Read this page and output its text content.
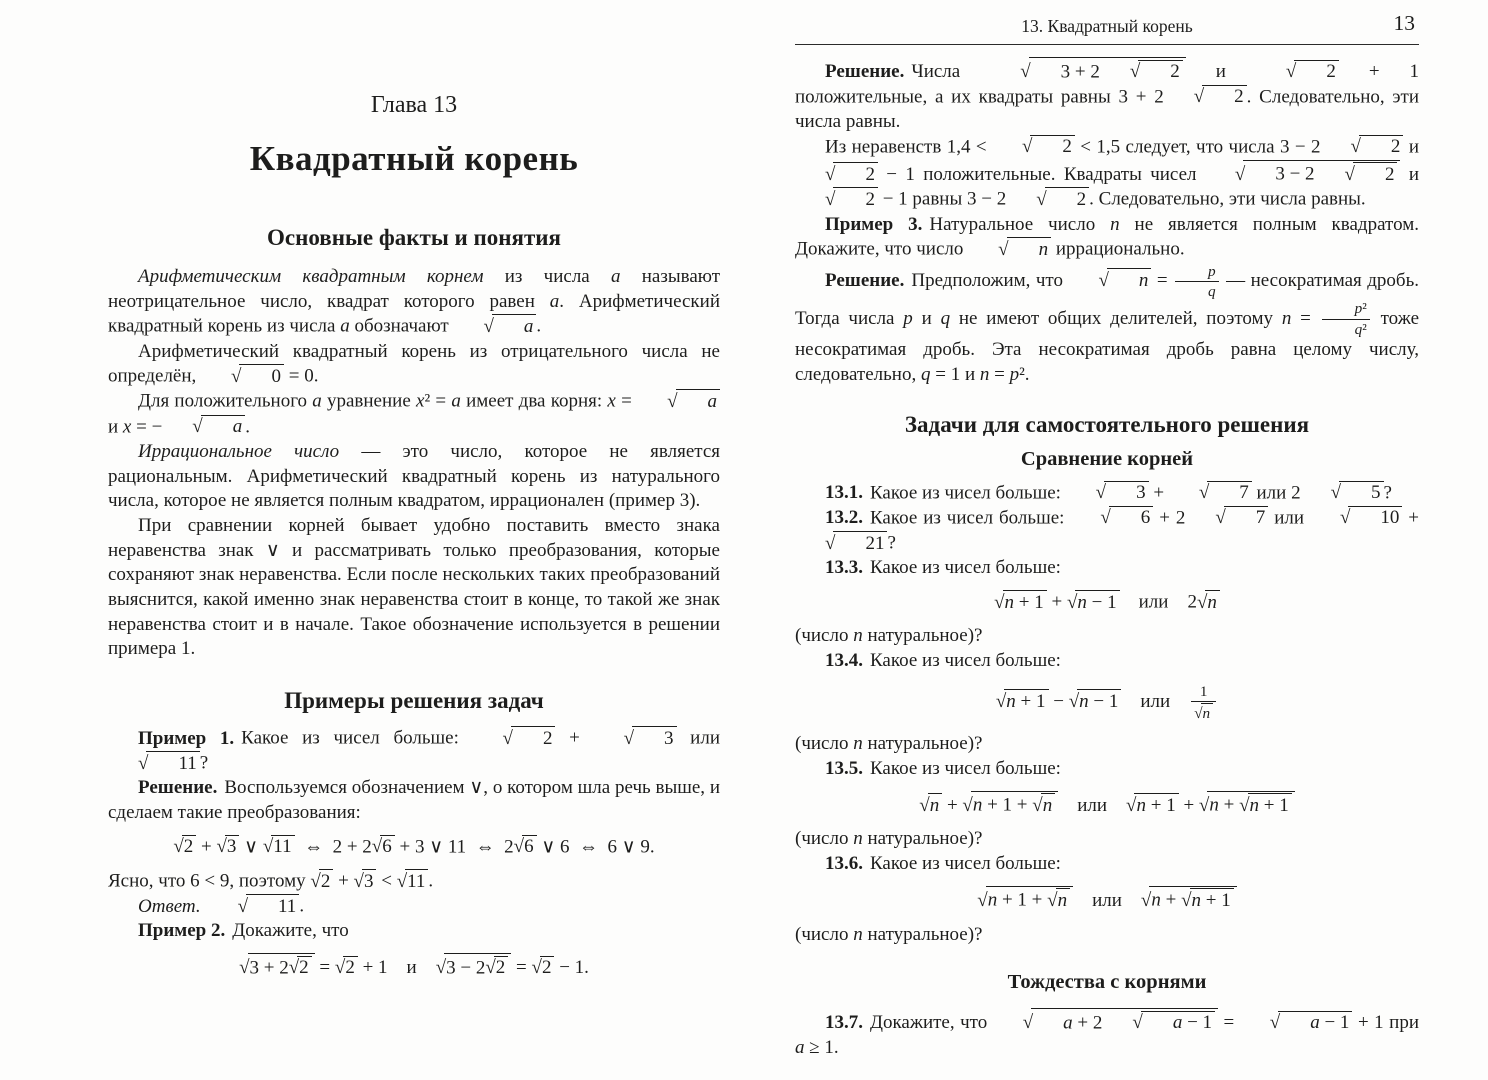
Глава 13
Квадратный корень
Основные факты и понятия

Арифметическим квадратным корнем из числа a называют неотрицательное число, квадрат которого равен a. Арифметический квадратный корень из числа a обозначают √ a .

Арифметический квадратный корень из отрицательного числа не определён, √ 0 = 0.

Для положительного a уравнение x² = a имеет два корня: x = √ a и x = − √ a .

Иррациональное число — это число, которое не является рациональным. Арифметический квадратный корень из натурального числа, которое не является полным квадратом, иррационален (пример 3).

При сравнении корней бывает удобно поставить вместо знака неравенства знак ∨ и рассматривать только преобразования, которые сохраняют знак неравенства. Если после нескольких таких преобразований выяснится, какой именно знак неравенства стоит в конце, то такой же знак неравенства стоит и в начале. Такое обозначение используется в решении примера 1.

Примеры решения задач

Пример 1. Какое из чисел больше: √ 2 + √ 3 или √ 11 ?

Решение. Воспользуемся обозначением ∨, о котором шла речь выше, и сделаем такие преобразования:

√2 + √3 ∨ √11 ⇔ 2 + 2√6 + 3 ∨ 11 ⇔ 2√6 ∨ 6 ⇔ 6 ∨ 9.

Ясно, что 6 < 9, поэтому √2 + √3 < √11 .

Ответ. √ 11 .

Пример 2. Докажите, что

√3 + 2√2 = √2 + 1 и √3 − 2√2 = √2 − 1.

13. Квадратный корень	13

Решение. Числа √ 3 + 2 √ 2 и √ 2 + 1 положительные, а их квадраты равны 3 + 2 √ 2 . Следовательно, эти числа равны.

Из неравенств 1,4 < √ 2 < 1,5 следует, что числа 3 − 2 √ 2 и √ 2 − 1 положительные. Квадраты чисел √ 3 − 2 √ 2 и √ 2 − 1 равны 3 − 2 √ 2 . Следовательно, эти числа равны.

Пример 3. Натуральное число n не является полным квадратом. Докажите, что число √ n иррационально.

Решение. Предположим, что √ $n = \frac{p}{q}$ — несократимая дробь. Тогда числа p и q не имеют общих делителей, поэтому $n = \frac{\text{p²}}{\text{q²}}$ тоже несократимая дробь. Эта несократимая дробь равна целому числу, следовательно, q = 1 и n = p².

Задачи для самостоятельного решения
Сравнение корней

13.1. Какое из чисел больше: √ 3 + √ 7 или 2 √ 5 ?

13.2. Какое из чисел больше: √ 6 + 2 √ 7 или √ 10 + √ 21 ?

13.3. Какое из чисел больше:

√n + 1 + √n − 1 или 2√n

(число n натуральное)?

13.4. Какое из чисел больше:

√n + 1 − √n − 1 или  $\frac{1}{√n}$

(число n натуральное)?

13.5. Какое из чисел больше:

√n + √n + 1 + √n или √n + 1 + √n + √n + 1

(число n натуральное)?

13.6. Какое из чисел больше:

√n + 1 + √n или √n + √n + 1

(число n натуральное)?

Тождества с корнями

13.7. Докажите, что √ a + 2 √ a − 1 = √ a − 1 + 1 при a ≥ 1.
